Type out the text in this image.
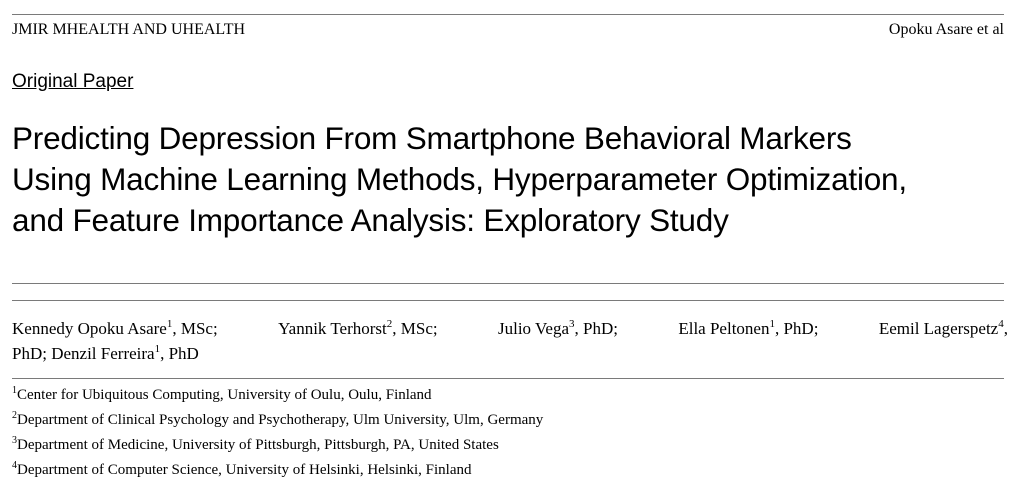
JMIR MHEALTH AND UHEALTH	Opoku Asare et al
Original Paper
Predicting Depression From Smartphone Behavioral Markers
Using Machine Learning Methods, Hyperparameter Optimization,
and Feature Importance Analysis: Exploratory Study
Kennedy Opoku Asare$^1$, MSc;	Yannik Terhorst$^2$, MSc;	Julio Vega$^3$, PhD;	Ella Peltonen$^1$, PhD;	Eemil Lagerspetz$^4$,
PhD; Denzil Ferreira$^1$, PhD
$^1$Center for Ubiquitous Computing, University of Oulu, Oulu, Finland
$^2$Department of Clinical Psychology and Psychotherapy, Ulm University, Ulm, Germany
$^3$Department of Medicine, University of Pittsburgh, Pittsburgh, PA, United States
$^4$Department of Computer Science, University of Helsinki, Helsinki, Finland
